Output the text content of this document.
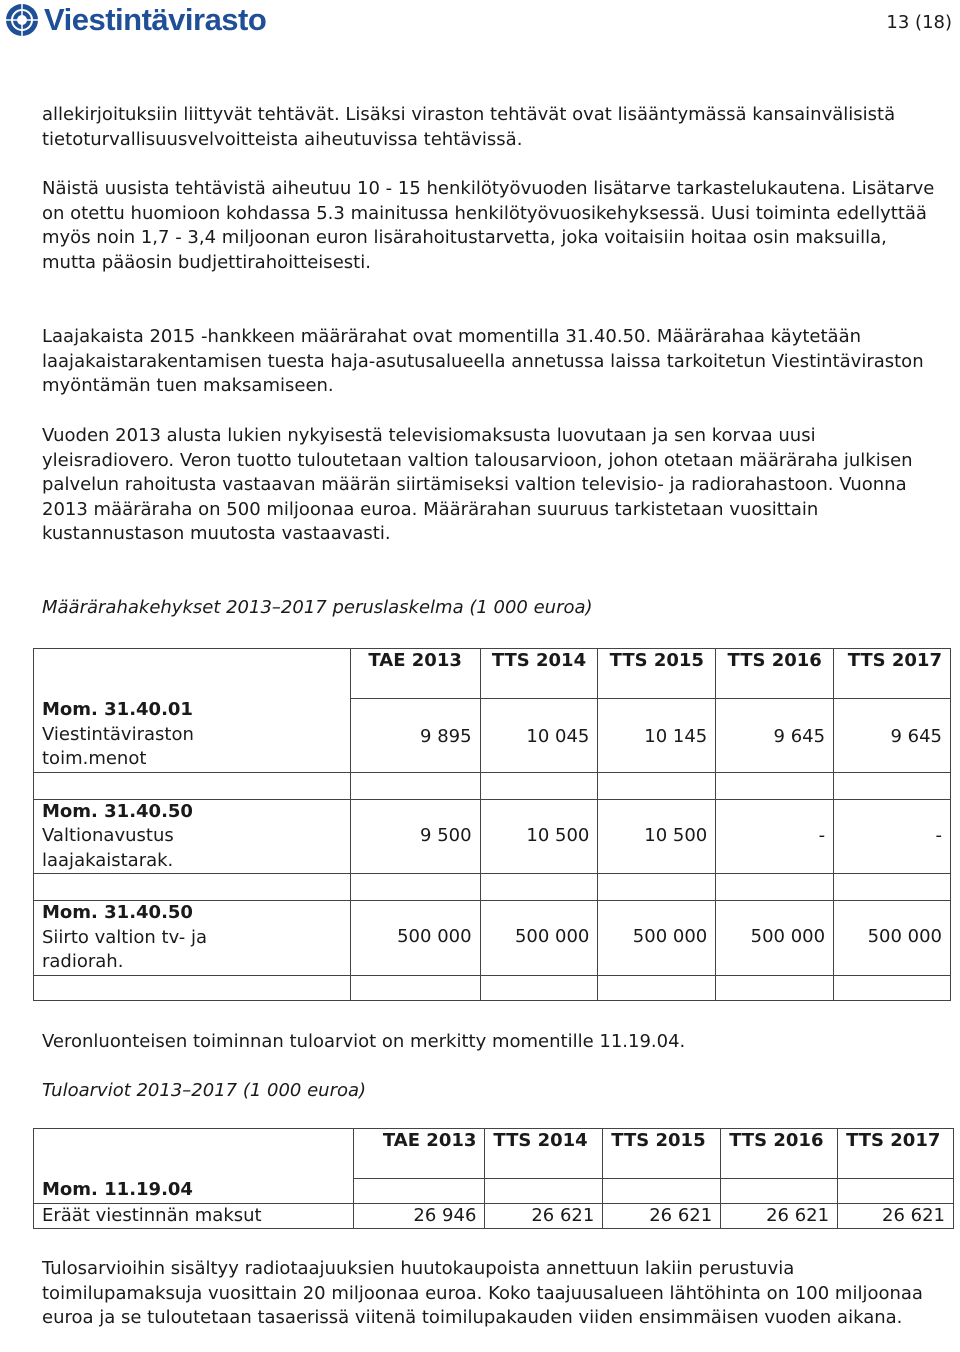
Viestintävirasto	13 (18)

allekirjoituksiin liittyvät tehtävät. Lisäksi viraston tehtävät ovat lisääntymässä kansainvälisistä tietoturvallisuusvelvoitteista aiheutuvissa tehtävissä.

Näistä uusista tehtävistä aiheutuu 10 - 15 henkilötyövuoden lisätarve tarkastelukautena. Lisätarve on otettu huomioon kohdassa 5.3 mainitussa henkilötyövuosikehyksessä. Uusi toiminta edellyttää myös noin 1,7 - 3,4 miljoonan euron lisärahoitustarvetta, joka voitaisiin hoitaa osin maksuilla, mutta pääosin budjettirahoitteisesti.

Laajakaista 2015 -hankkeen määrärahat ovat momentilla 31.40.50. Määrärahaa käytetään laajakaistarakentamisen tuesta haja-asutusalueella annetussa laissa tarkoitetun Viestintäviraston myöntämän tuen maksamiseen.

Vuoden 2013 alusta lukien nykyisestä televisiomaksusta luovutaan ja sen korvaa uusi yleisradiovero. Veron tuotto tuloutetaan valtion talousarvioon, johon otetaan määräraha julkisen palvelun rahoitusta vastaavan määrän siirtämiseksi valtion televisio- ja radiorahastoon. Vuonna 2013 määräraha on 500 miljoonaa euroa. Määrärahan suuruus tarkistetaan vuosittain kustannustason muutosta vastaavasti.

Määrärahakehykset 2013–2017 peruslaskelma (1 000 euroa)
	TAE 2013	TTS 2014	TTS 2015	TTS 2016	TTS 2017

Mom. 31.40.01
Viestintäviraston toim.menot	9 895	10 045	10 145	9 645	9 645

Mom. 31.40.50
Valtionavustus laajakaistarak.	9 500	10 500	10 500	-	-

Mom. 31.40.50
Siirto valtion tv- ja radiorah.	500 000	500 000	500 000	500 000	500 000

Veronluonteisen toiminnan tuloarviot on merkitty momentille 11.19.04.

Tuloarviot 2013–2017 (1 000 euroa)
	TAE 2013	TTS 2014	TTS 2015	TTS 2016	TTS 2017
Mom. 11.19.04					
Eräät viestinnän maksut	26 946	26 621	26 621	26 621	26 621

Tulosarvioihin sisältyy radiotaajuuksien huutokaupoista annettuun lakiin perustuvia toimilupamaksuja vuosittain 20 miljoonaa euroa. Koko taajuusalueen lähtöhinta on 100 miljoonaa euroa ja se tuloutetaan tasaerissä viitenä toimilupakauden viiden ensimmäisen vuoden aikana.
